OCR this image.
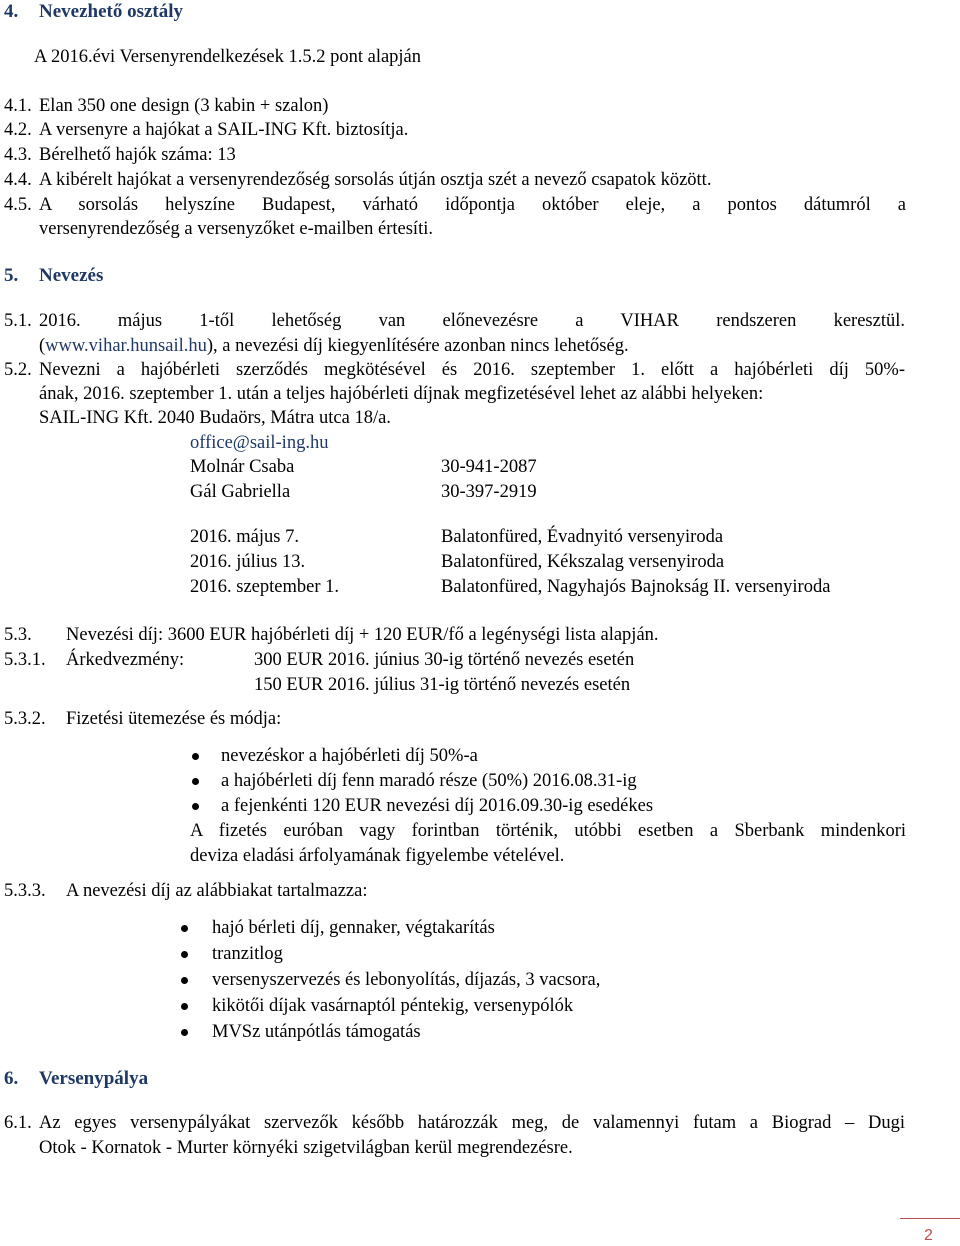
4. Nevezhető osztály
A 2016.évi Versenyrendelkezések 1.5.2 pont alapján
4.1. Elan 350 one design (3 kabin + szalon)
4.2. A versenyre a hajókat a SAIL-ING Kft. biztosítja.
4.3. Bérelhető hajók száma: 13
4.4. A kibérelt hajókat a versenyrendezőség sorsolás útján osztja szét a nevező csapatok között.
4.5. A sorsolás helyszíne Budapest, várható időpontja október eleje, a pontos dátumról a
versenyrendezőség a versenyzőket e-mailben értesíti.
5. Nevezés
5.1. 2016. május 1-től lehetőség van előnevezésre a VIHAR rendszeren keresztül.
(www.vihar.hunsail.hu), a nevezési díj kiegyenlítésére azonban nincs lehetőség.
5.2. Nevezni a hajóbérleti szerződés megkötésével és 2016. szeptember 1. előtt a hajóbérleti díj 50%-
ának, 2016. szeptember 1. után a teljes hajóbérleti díjnak megfizetésével lehet az alábbi helyeken:
SAIL-ING Kft. 2040 Budaörs, Mátra utca 18/a.
office@sail-ing.hu
Molnár Csaba	30-941-2087
Gál Gabriella	30-397-2919
2016. május 7.	Balatonfüred, Évadnyitó versenyiroda
2016. július 13.	Balatonfüred, Kékszalag versenyiroda
2016. szeptember 1.	Balatonfüred, Nagyhajós Bajnokság II. versenyiroda
5.3. Nevezési díj: 3600 EUR hajóbérleti díj + 120 EUR/fő a legénységi lista alapján.
5.3.1. Árkedvezmény:	300 EUR 2016. június 30-ig történő nevezés esetén
150 EUR 2016. július 31-ig történő nevezés esetén
5.3.2. Fizetési ütemezése és módja:
nevezéskor a hajóbérleti díj 50%-a
a hajóbérleti díj fenn maradó része (50%) 2016.08.31-ig
a fejenkénti 120 EUR nevezési díj 2016.09.30-ig esedékes
A fizetés euróban vagy forintban történik, utóbbi esetben a Sberbank mindenkori
deviza eladási árfolyamának figyelembe vételével.
5.3.3. A nevezési díj az alábbiakat tartalmazza:
hajó bérleti díj, gennaker, végtakarítás
tranzitlog
versenyszervezés és lebonyolítás, díjazás, 3 vacsora,
kikötői díjak vasárnaptól péntekig, versenypólók
MVSz utánpótlás támogatás
6. Versenypálya
6.1. Az egyes versenypályákat szervezők később határozzák meg, de valamennyi futam a Biograd – Dugi
Otok - Kornatok - Murter környéki szigetvilágban kerül megrendezésre.
2
